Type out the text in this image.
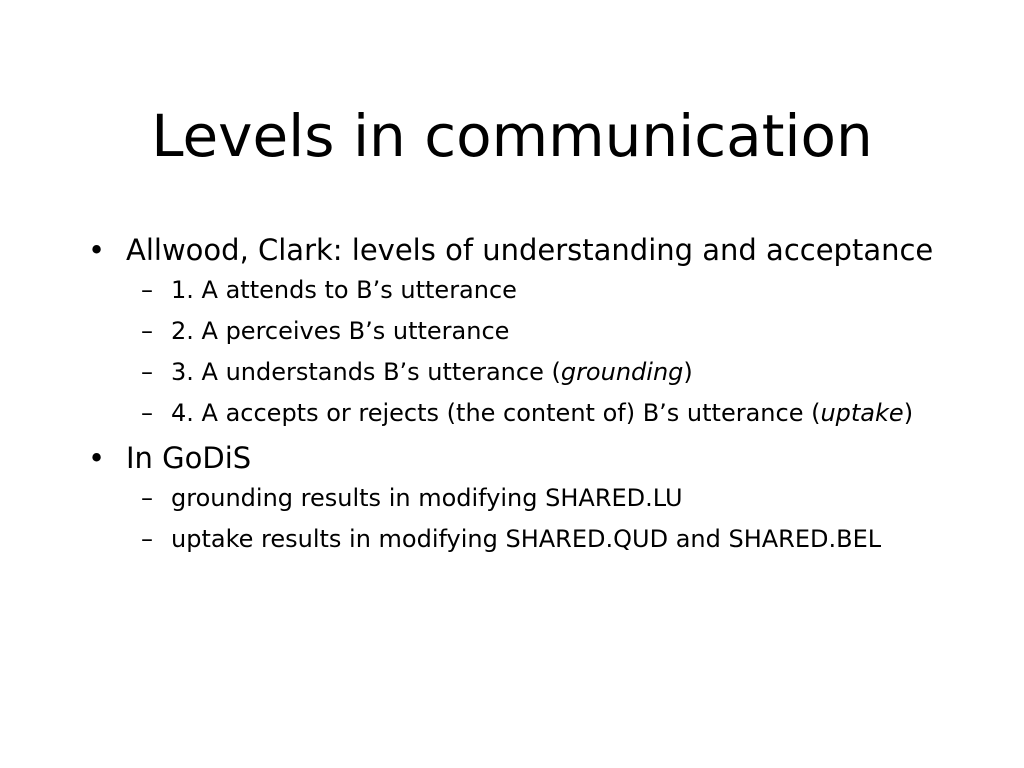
Levels in communication
• Allwood, Clark: levels of understanding and acceptance
– 1. A attends to B’s utterance
– 2. A perceives B’s utterance
– 3. A understands B’s utterance (grounding)
– 4. A accepts or rejects (the content of) B’s utterance (uptake)
• In GoDiS
– grounding results in modifying SHARED.LU
– uptake results in modifying SHARED.QUD and SHARED.BEL
